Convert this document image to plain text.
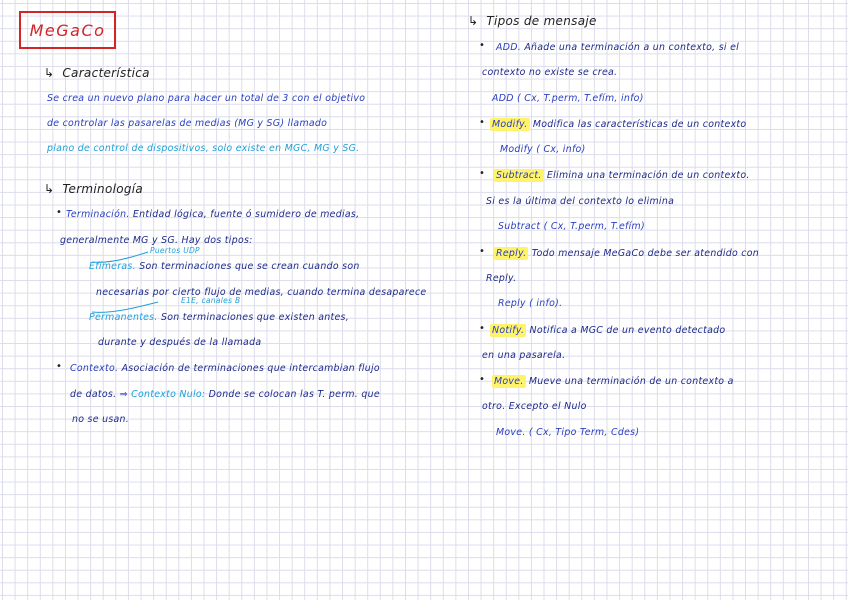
MeGaCo
↳ Característica
Se crea un nuevo plano para hacer un total de 3 con el objetivo
de controlar las pasarelas de medias (MG y SG) llamado
plano de control de dispositivos, solo existe en MGC, MG y SG.
↳ Terminología
• Terminación. Entidad lógica, fuente ó sumidero de medias,
generalmente MG y SG. Hay dos tipos:
Puertos UDP
Efímeras. Son terminaciones que se crean cuando son
necesarias por cierto flujo de medias, cuando termina desaparece
E1E, canales B
Permanentes. Son terminaciones que existen antes,
durante y después de la llamada
• Contexto. Asociación de terminaciones que intercambian flujo
de datos. ⇒ Contexto Nulo: Donde se colocan las T. perm. que
no se usan.
↳ Tipos de mensaje
• ADD. Añade una terminación a un contexto, si el
contexto no existe se crea.
ADD ( Cx, T.perm, T.efím, info)
• Modify. Modifica las características de un contexto
Modify ( Cx, info)
• Subtract. Elimina una terminación de un contexto.
Si es la última del contexto lo elimina
Subtract ( Cx, T.perm, T.efím)
• Reply. Todo mensaje MeGaCo debe ser atendido con
Reply.
Reply ( info).
• Notify. Notifica a MGC de un evento detectado
en una pasarela.
• Move. Mueve una terminación de un contexto a
otro. Excepto el Nulo
Move. ( Cx, Tipo Term, Cdes)
